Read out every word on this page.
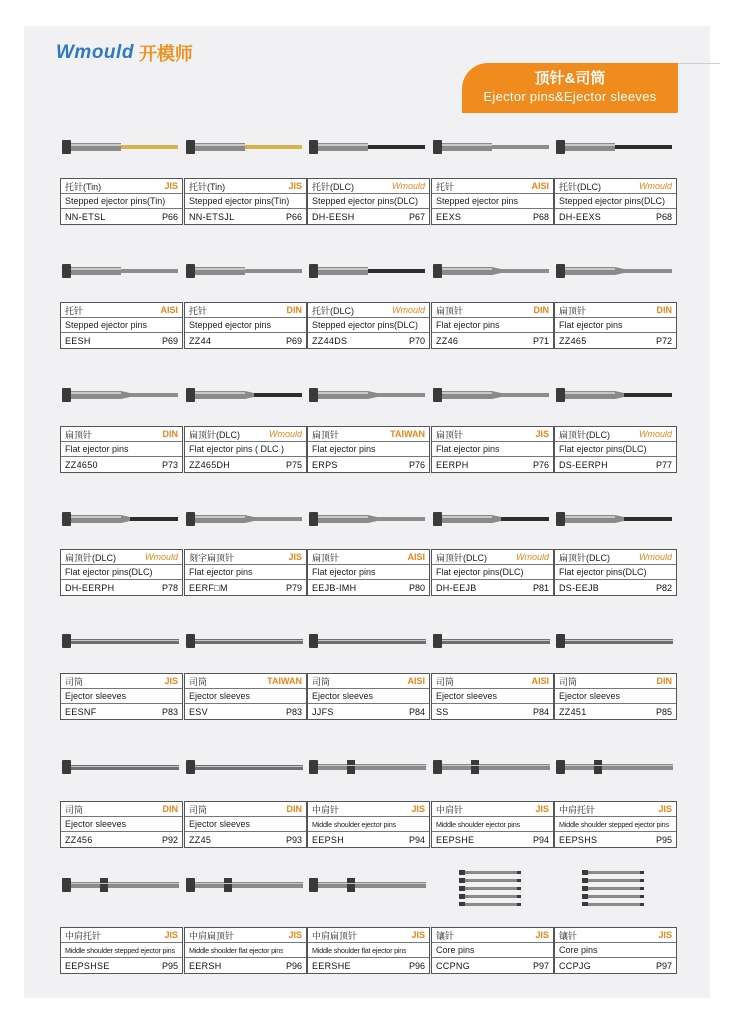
Wmould 开模师
顶针&司筒
Ejector pins&Ejector sleeves
托针(Tin)	JIS
Stepped ejector pins(Tin)
NN-ETSL	P66
托针(Tin)	JIS
Stepped ejector pins(Tin)
NN-ETSJL	P66
托针(DLC)	Wmould
Stepped ejector pins(DLC)
DH-EESH	P67
托针	AISI
Stepped ejector pins
EEXS	P68
托针(DLC)	Wmould
Stepped ejector pins(DLC)
DH-EEXS	P68
托针	AISI
Stepped ejector pins
EESH	P69
托针	DIN
Stepped ejector pins
ZZ44	P69
托针(DLC)	Wmould
Stepped ejector pins(DLC)
ZZ44DS	P70
扁顶针	DIN
Flat ejector pins
ZZ46	P71
扁顶针	DIN
Flat ejector pins
ZZ465	P72
扁顶针	DIN
Flat ejector pins
ZZ4650	P73
扁顶针(DLC)	Wmould
Flat ejector pins ( DLC )
ZZ465DH	P75
扁顶针	TAIWAN
Flat ejector pins
ERPS	P76
扁顶针	JIS
Flat ejector pins
EERPH	P76
扁顶针(DLC)	Wmould
Flat ejector pins(DLC)
DS-EERPH	P77
扁顶针(DLC)	Wmould
Flat ejector pins(DLC)
DH-EERPH	P78
刻字扁顶针	JIS
Flat ejector pins
EERF□M	P79
扁顶针	AISI
Flat ejector pins
EEJB-IMH	P80
扁顶针(DLC)	Wmould
Flat ejector pins(DLC)
DH-EEJB	P81
扁顶针(DLC)	Wmould
Flat ejector pins(DLC)
DS-EEJB	P82
司筒	JIS
Ejector sleeves
EESNF	P83
司筒	TAIWAN
Ejector sleeves
ESV	P83
司筒	AISI
Ejector sleeves
JJFS	P84
司筒	AISI
Ejector sleeves
SS	P84
司筒	DIN
Ejector sleeves
ZZ451	P85
司筒	DIN
Ejector sleeves
ZZ456	P92
司筒	DIN
Ejector sleeves
ZZ45	P93
中肩针	JIS
Middle shoulder ejector pins
EEPSH	P94
中肩针	JIS
Middle shoulder ejector pins
EEPSHE	P94
中肩托针	JIS
Middle shoulder stepped ejector pins
EEPSHS	P95
中肩托针	JIS
Middle shoulder stepped ejector pins
EEPSHSE	P95
中肩扁顶针	JIS
Middle shoulder flat ejector pins
EERSH	P96
中肩扁顶针	JIS
Middle shoulder flat ejector pins
EERSHE	P96
镶针	JIS
Core pins
CCPNG	P97
镶针	JIS
Core pins
CCPJG	P97
